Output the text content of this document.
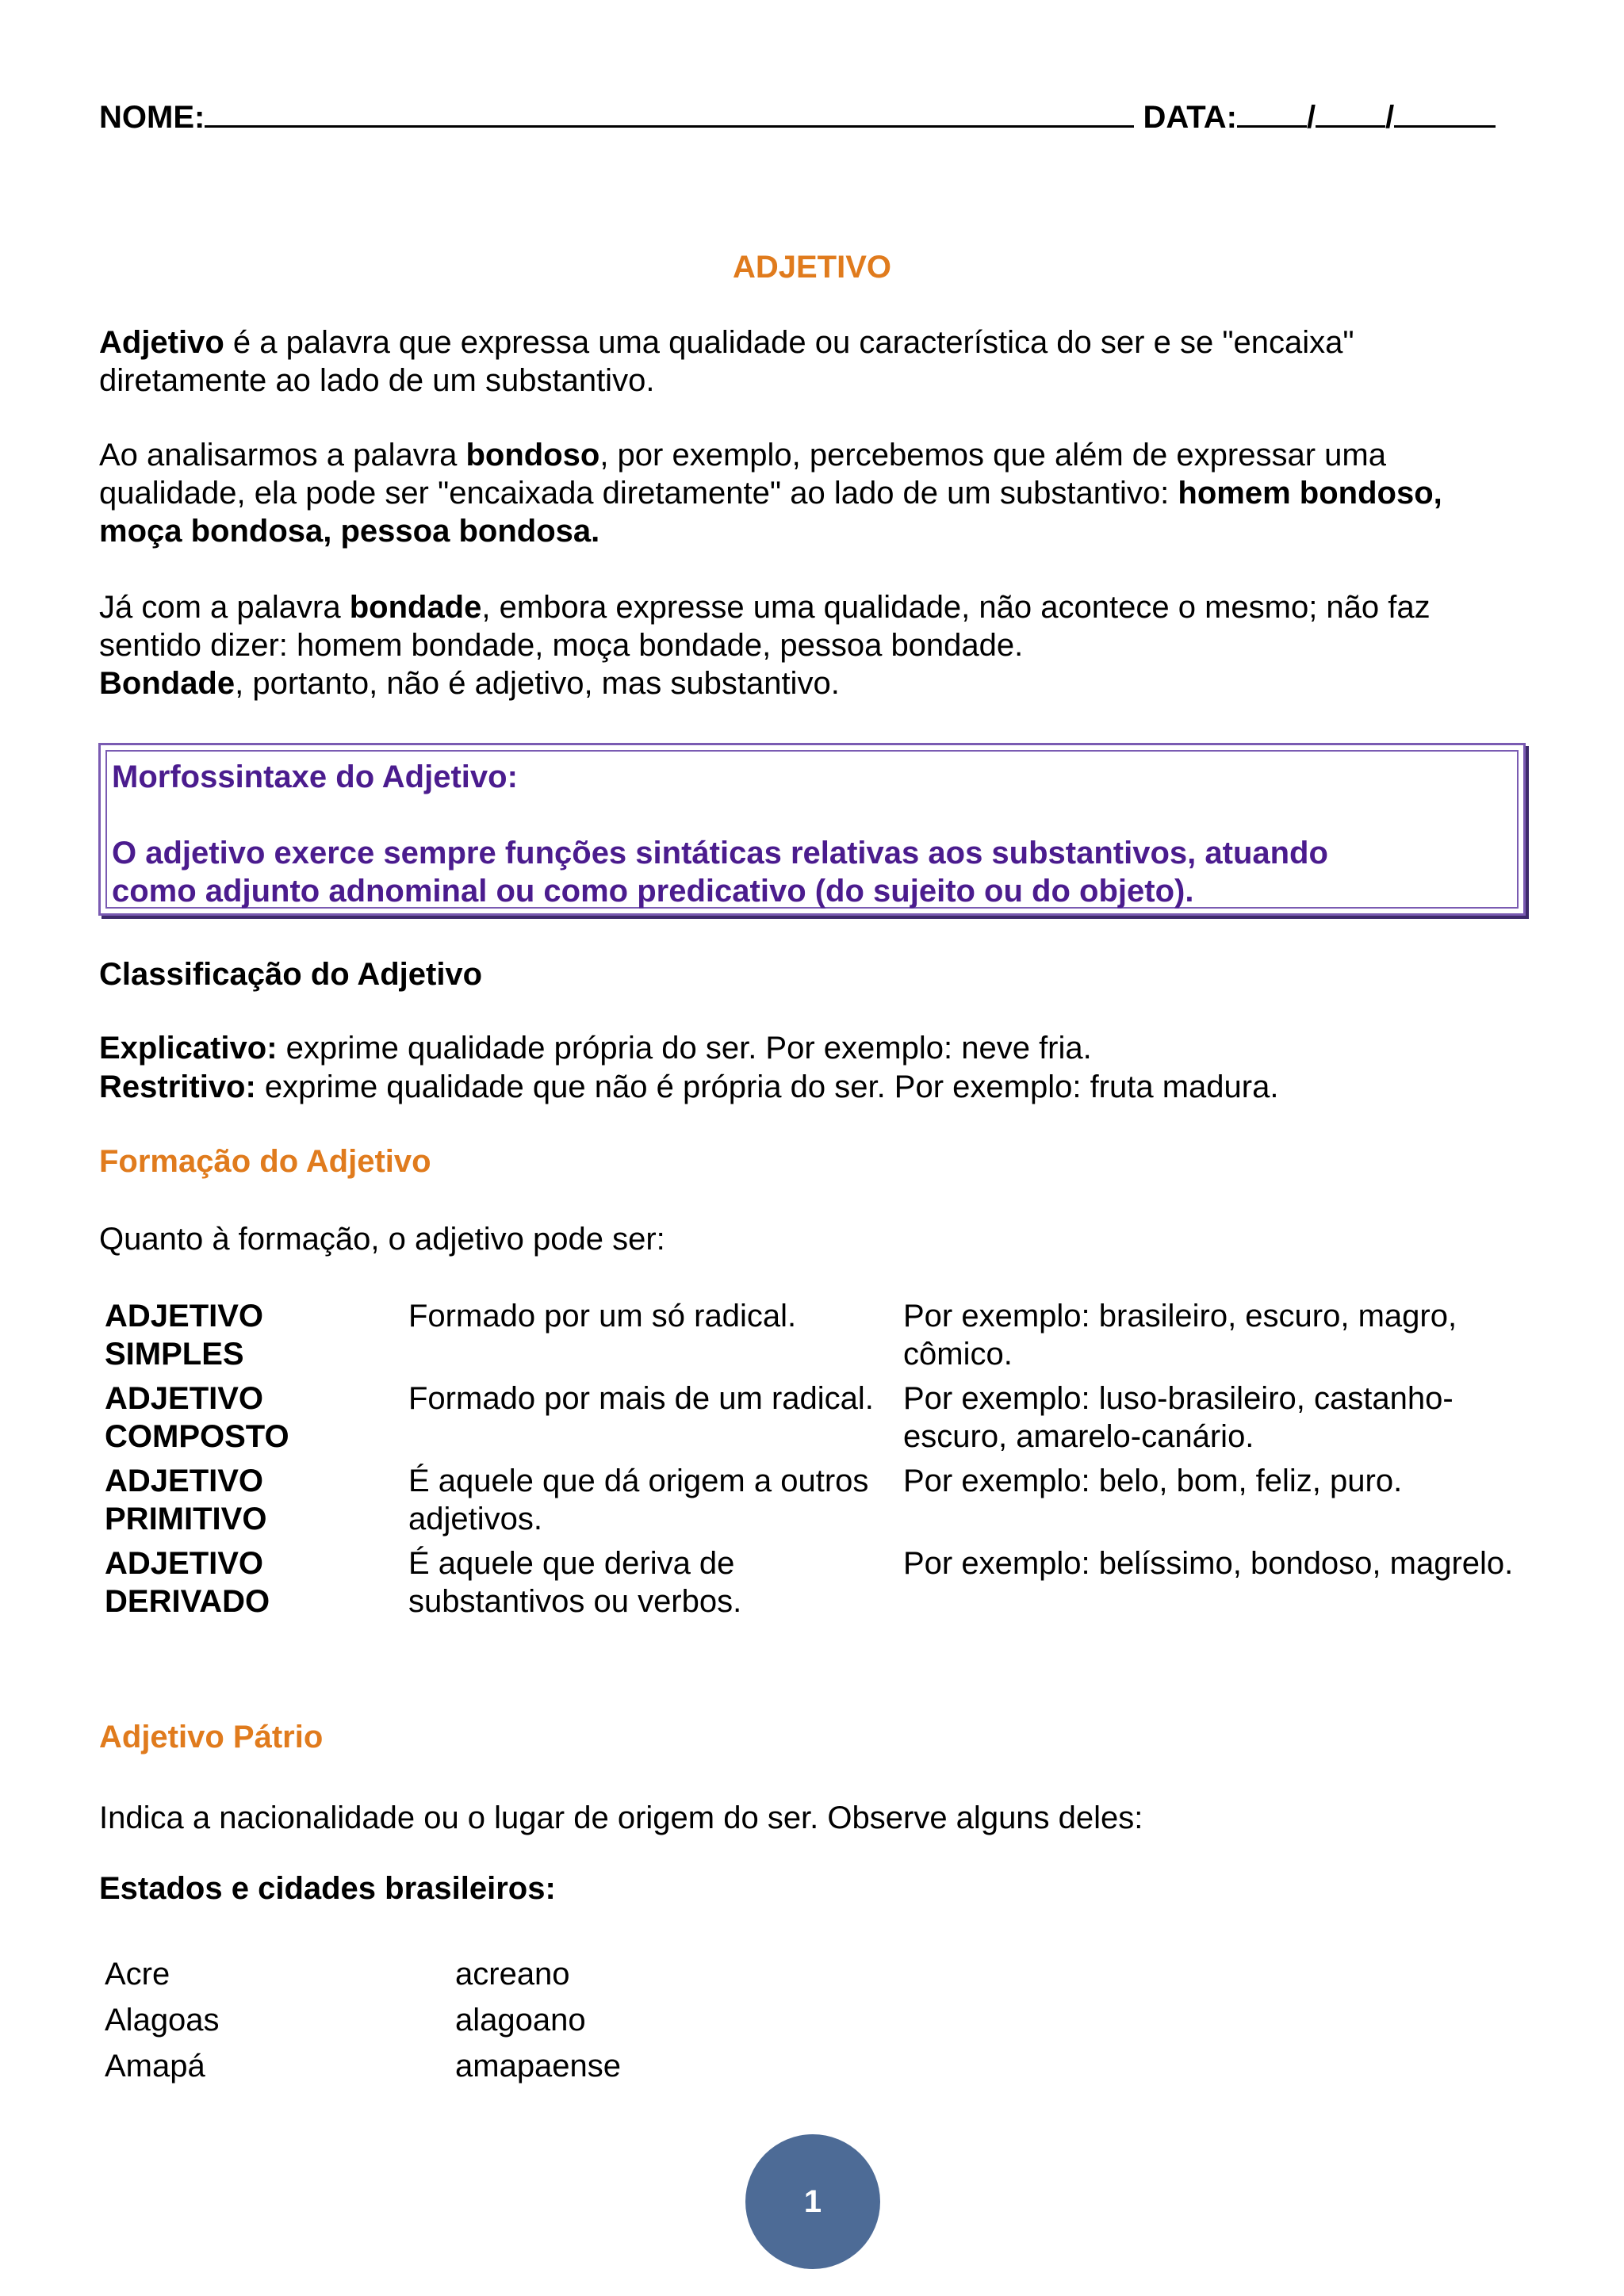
NOME:	DATA: / /
ADJETIVO
Adjetivo é a palavra que expressa uma qualidade ou característica do ser e se "encaixa" diretamente ao lado de um substantivo.
Ao analisarmos a palavra bondoso, por exemplo, percebemos que além de expressar uma qualidade, ela pode ser "encaixada diretamente" ao lado de um substantivo: homem bondoso, moça bondosa, pessoa bondosa.
Já com a palavra bondade, embora expresse uma qualidade, não acontece o mesmo; não faz sentido dizer: homem bondade, moça bondade, pessoa bondade.
Bondade, portanto, não é adjetivo, mas substantivo.
Morfossintaxe do Adjetivo:
O adjetivo exerce sempre funções sintáticas relativas aos substantivos, atuando
como adjunto adnominal ou como predicativo (do sujeito ou do objeto).
Classificação do Adjetivo
Explicativo: exprime qualidade própria do ser. Por exemplo: neve fria.
Restritivo: exprime qualidade que não é própria do ser. Por exemplo: fruta madura.
Formação do Adjetivo
Quanto à formação, o adjetivo pode ser:
ADJETIVO SIMPLES	Formado por um só radical.	Por exemplo: brasileiro, escuro, magro, cômico.
ADJETIVO COMPOSTO	Formado por mais de um radical.	Por exemplo: luso-brasileiro, castanho-escuro, amarelo-canário.
ADJETIVO PRIMITIVO	É aquele que dá origem a outros adjetivos.	Por exemplo: belo, bom, feliz, puro.
ADJETIVO DERIVADO	É aquele que deriva de substantivos ou verbos.	Por exemplo: belíssimo, bondoso, magrelo.
Adjetivo Pátrio
Indica a nacionalidade ou o lugar de origem do ser. Observe alguns deles:
Estados e cidades brasileiros:
Acre	acreano
Alagoas	alagoano
Amapá	amapaense
1
